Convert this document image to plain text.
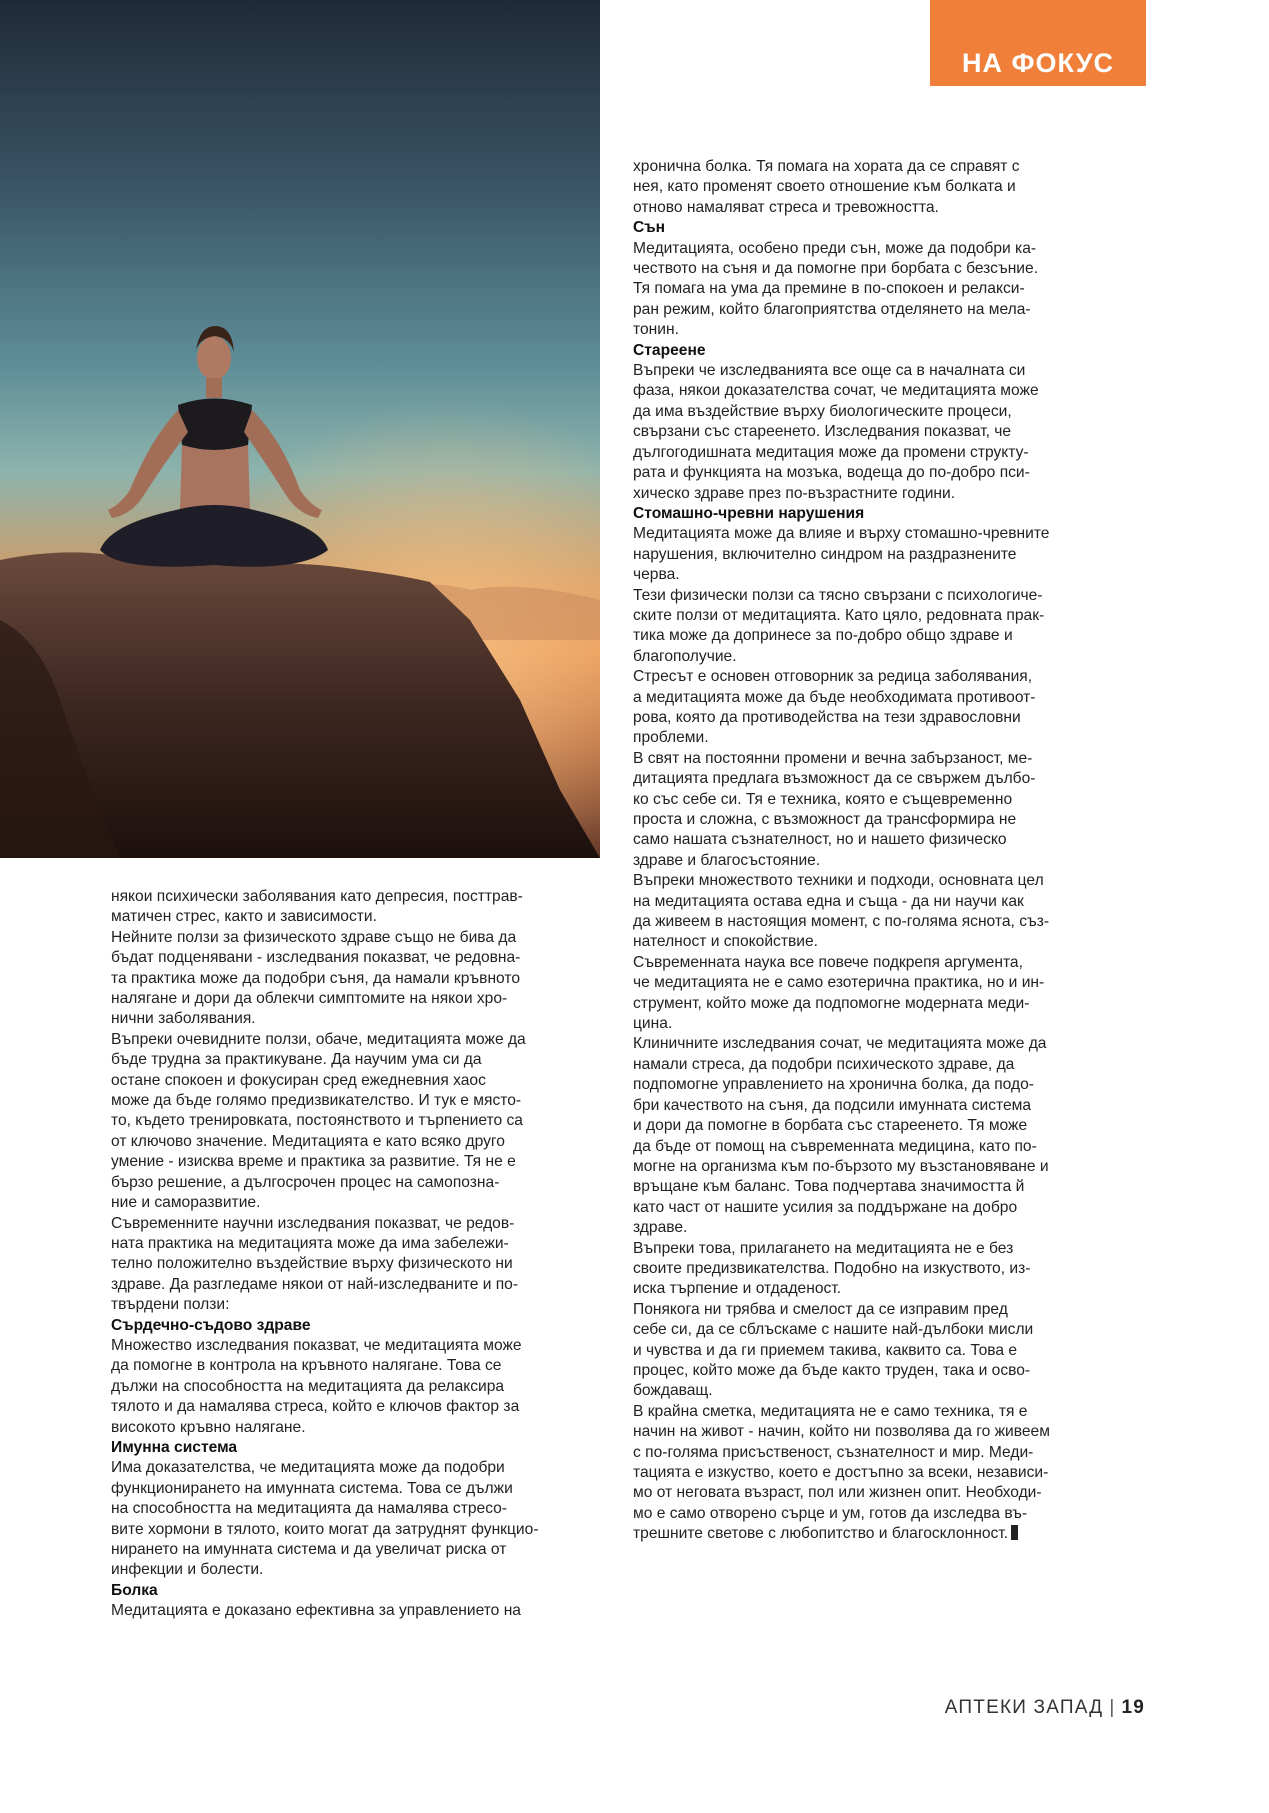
НА ФОКУС

някои психически заболявания като депресия, посттрав-
матичен стрес, както и зависимости.

Нейните ползи за физическото здраве също не бива да
бъдат подценявани - изследвания показват, че редовна-
та практика може да подобри съня, да намали кръвното
налягане и дори да облекчи симптомите на някои хро-
нични заболявания.

Въпреки очевидните ползи, обаче, медитацията може да
бъде трудна за практикуване. Да научим ума си да
остане спокоен и фокусиран сред ежедневния хаос
може да бъде голямо предизвикателство. И тук е място-
то, където тренировката, постоянството и търпението са
от ключово значение. Медитацията е като всяко друго
умение - изисква време и практика за развитие. Тя не е
бързо решение, а дългосрочен процес на самопозна-
ние и саморазвитие.

Съвременните научни изследвания показват, че редов-
ната практика на медитацията може да има забележи-
телно положително въздействие върху физическото ни
здраве. Да разгледаме някои от най-изследваните и по-
твърдени ползи:

Сърдечно-съдово здраве

Множество изследвания показват, че медитацията може
да помогне в контрола на кръвното налягане. Това се
дължи на способността на медитацията да релаксира
тялото и да намалява стреса, който е ключов фактор за
високото кръвно налягане.

Имунна система

Има доказателства, че медитацията може да подобри
функционирането на имунната система. Това се дължи
на способността на медитацията да намалява стресо-
вите хормони в тялото, които могат да затруднят функцио-
нирането на имунната система и да увеличат риска от
инфекции и болести.

Болка

Медитацията е доказано ефективна за управлението на

хронична болка. Тя помага на хората да се справят с
нея, като променят своето отношение към болката и
отново намаляват стреса и тревожността.

Сън

Медитацията, особено преди сън, може да подобри ка-
чеството на съня и да помогне при борбата с безсъние.
Тя помага на ума да премине в по-спокоен и релакси-
ран режим, който благоприятства отделянето на мела-
тонин.

Стареене

Въпреки че изследванията все още са в началната си
фаза, някои доказателства сочат, че медитацията може
да има въздействие върху биологическите процеси,
свързани със стареенето. Изследвания показват, че
дългогодишната медитация може да промени структу-
рата и функцията на мозъка, водеща до по-добро пси-
хическо здраве през по-възрастните години.

Стомашно-чревни нарушения

Медитацията може да влияе и върху стомашно-чревните
нарушения, включително синдром на раздразнените
черва.

Тези физически ползи са тясно свързани с психологиче-
ските ползи от медитацията. Като цяло, редовната прак-
тика може да допринесе за по-добро общо здраве и
благополучие.

Стресът е основен отговорник за редица заболявания,
а медитацията може да бъде необходимата противоот-
рова, която да противодейства на тези здравословни
проблеми.

В свят на постоянни промени и вечна забързаност, ме-
дитацията предлага възможност да се свържем дълбо-
ко със себе си. Тя е техника, която е същевременно
проста и сложна, с възможност да трансформира не
само нашата съзнателност, но и нашето физическо
здраве и благосъстояние.

Въпреки множеството техники и подходи, основната цел
на медитацията остава една и съща - да ни научи как
да живеем в настоящия момент, с по-голяма яснота, съз-
нателност и спокойствие.

Съвременната наука все повече подкрепя аргумента,
че медитацията не е само езотерична практика, но и ин-
струмент, който може да подпомогне модерната меди-
цина.

Клиничните изследвания сочат, че медитацията може да
намали стреса, да подобри психическото здраве, да
подпомогне управлението на хронична болка, да подо-
бри качеството на съня, да подсили имунната система
и дори да помогне в борбата със стареенето. Тя може
да бъде от помощ на съвременната медицина, като по-
могне на организма към по-бързото му възстановяване и
връщане към баланс. Това подчертава значимостта й
като част от нашите усилия за поддържане на добро
здраве.

Въпреки това, прилагането на медитацията не е без
своите предизвикателства. Подобно на изкуството, из-
иска търпение и отдаденост.

Понякога ни трябва и смелост да се изправим пред
себе си, да се сблъскаме с нашите най-дълбоки мисли
и чувства и да ги приемем такива, каквито са. Това е
процес, който може да бъде както труден, така и осво-
бождаващ.

В крайна сметка, медитацията не е само техника, тя е
начин на живот - начин, който ни позволява да го живеем
с по-голяма присъственост, съзнателност и мир. Меди-
тацията е изкуство, което е достъпно за всеки, независи-
мо от неговата възраст, пол или жизнен опит. Необходи-
мо е само отворено сърце и ум, готов да изследва въ-
трешните светове с любопитство и благосклонност.

АПТЕКИ ЗАПАД | 19
